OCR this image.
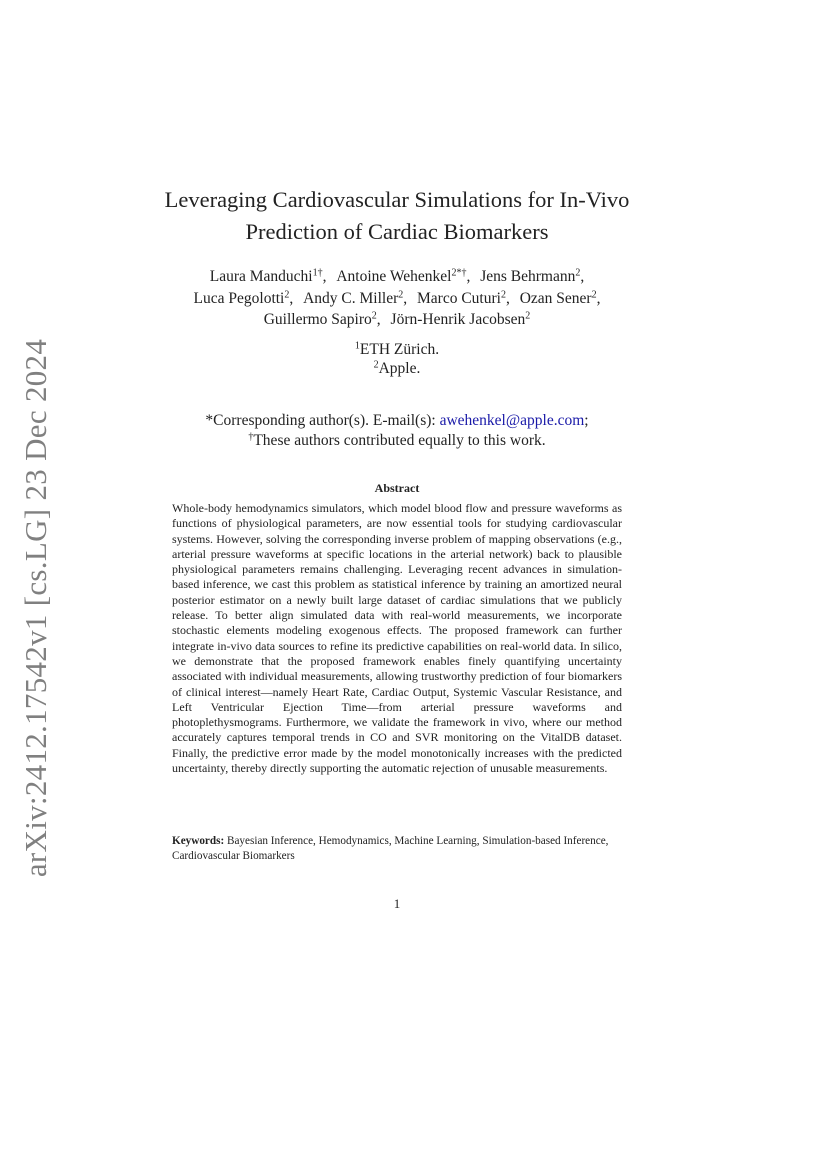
arXiv:2412.17542v1 [cs.LG] 23 Dec 2024
Leveraging Cardiovascular Simulations for In-Vivo
Prediction of Cardiac Biomarkers
Laura Manduchi$^{1\dagger}$, Antoine Wehenkel$^{2*\dagger}$, Jens Behrmann$^2$,
Luca Pegolotti$^2$, Andy C. Miller$^2$, Marco Cuturi$^2$, Ozan Sener$^2$,
Guillermo Sapiro$^2$, Jörn-Henrik Jacobsen$^2$
$^1$ETH Zürich.
$^2$Apple.
*Corresponding author(s). E-mail(s): awehenkel@apple.com;
†These authors contributed equally to this work.
Abstract

Whole-body hemodynamics simulators, which model blood flow and pressure waveforms as functions of physiological parameters, are now essential tools for studying cardiovascular systems. However, solving the corresponding inverse problem of mapping observations (e.g., arterial pressure waveforms at specific locations in the arterial network) back to plausible physiological parameters remains challenging. Leveraging recent advances in simulation-based inference, we cast this problem as statistical inference by training an amortized neural posterior estimator on a newly built large dataset of cardiac simulations that we publicly release. To better align simulated data with real-world measurements, we incorporate stochastic elements modeling exogenous effects. The proposed framework can further integrate in-vivo data sources to refine its predictive capabilities on real-world data. In silico, we demonstrate that the proposed framework enables finely quantifying uncertainty associated with individual measurements, allowing trustworthy prediction of four biomarkers of clinical interest—namely Heart Rate, Cardiac Output, Systemic Vascular Resistance, and Left Ventricular Ejection Time—from arterial pressure waveforms and photoplethysmograms. Furthermore, we validate the framework in vivo, where our method accurately captures temporal trends in CO and SVR monitoring on the VitalDB dataset. Finally, the predictive error made by the model monotonically increases with the predicted uncertainty, thereby directly supporting the automatic rejection of unusable measurements.

Keywords: Bayesian Inference, Hemodynamics, Machine Learning, Simulation-based Inference, Cardiovascular Biomarkers

1
